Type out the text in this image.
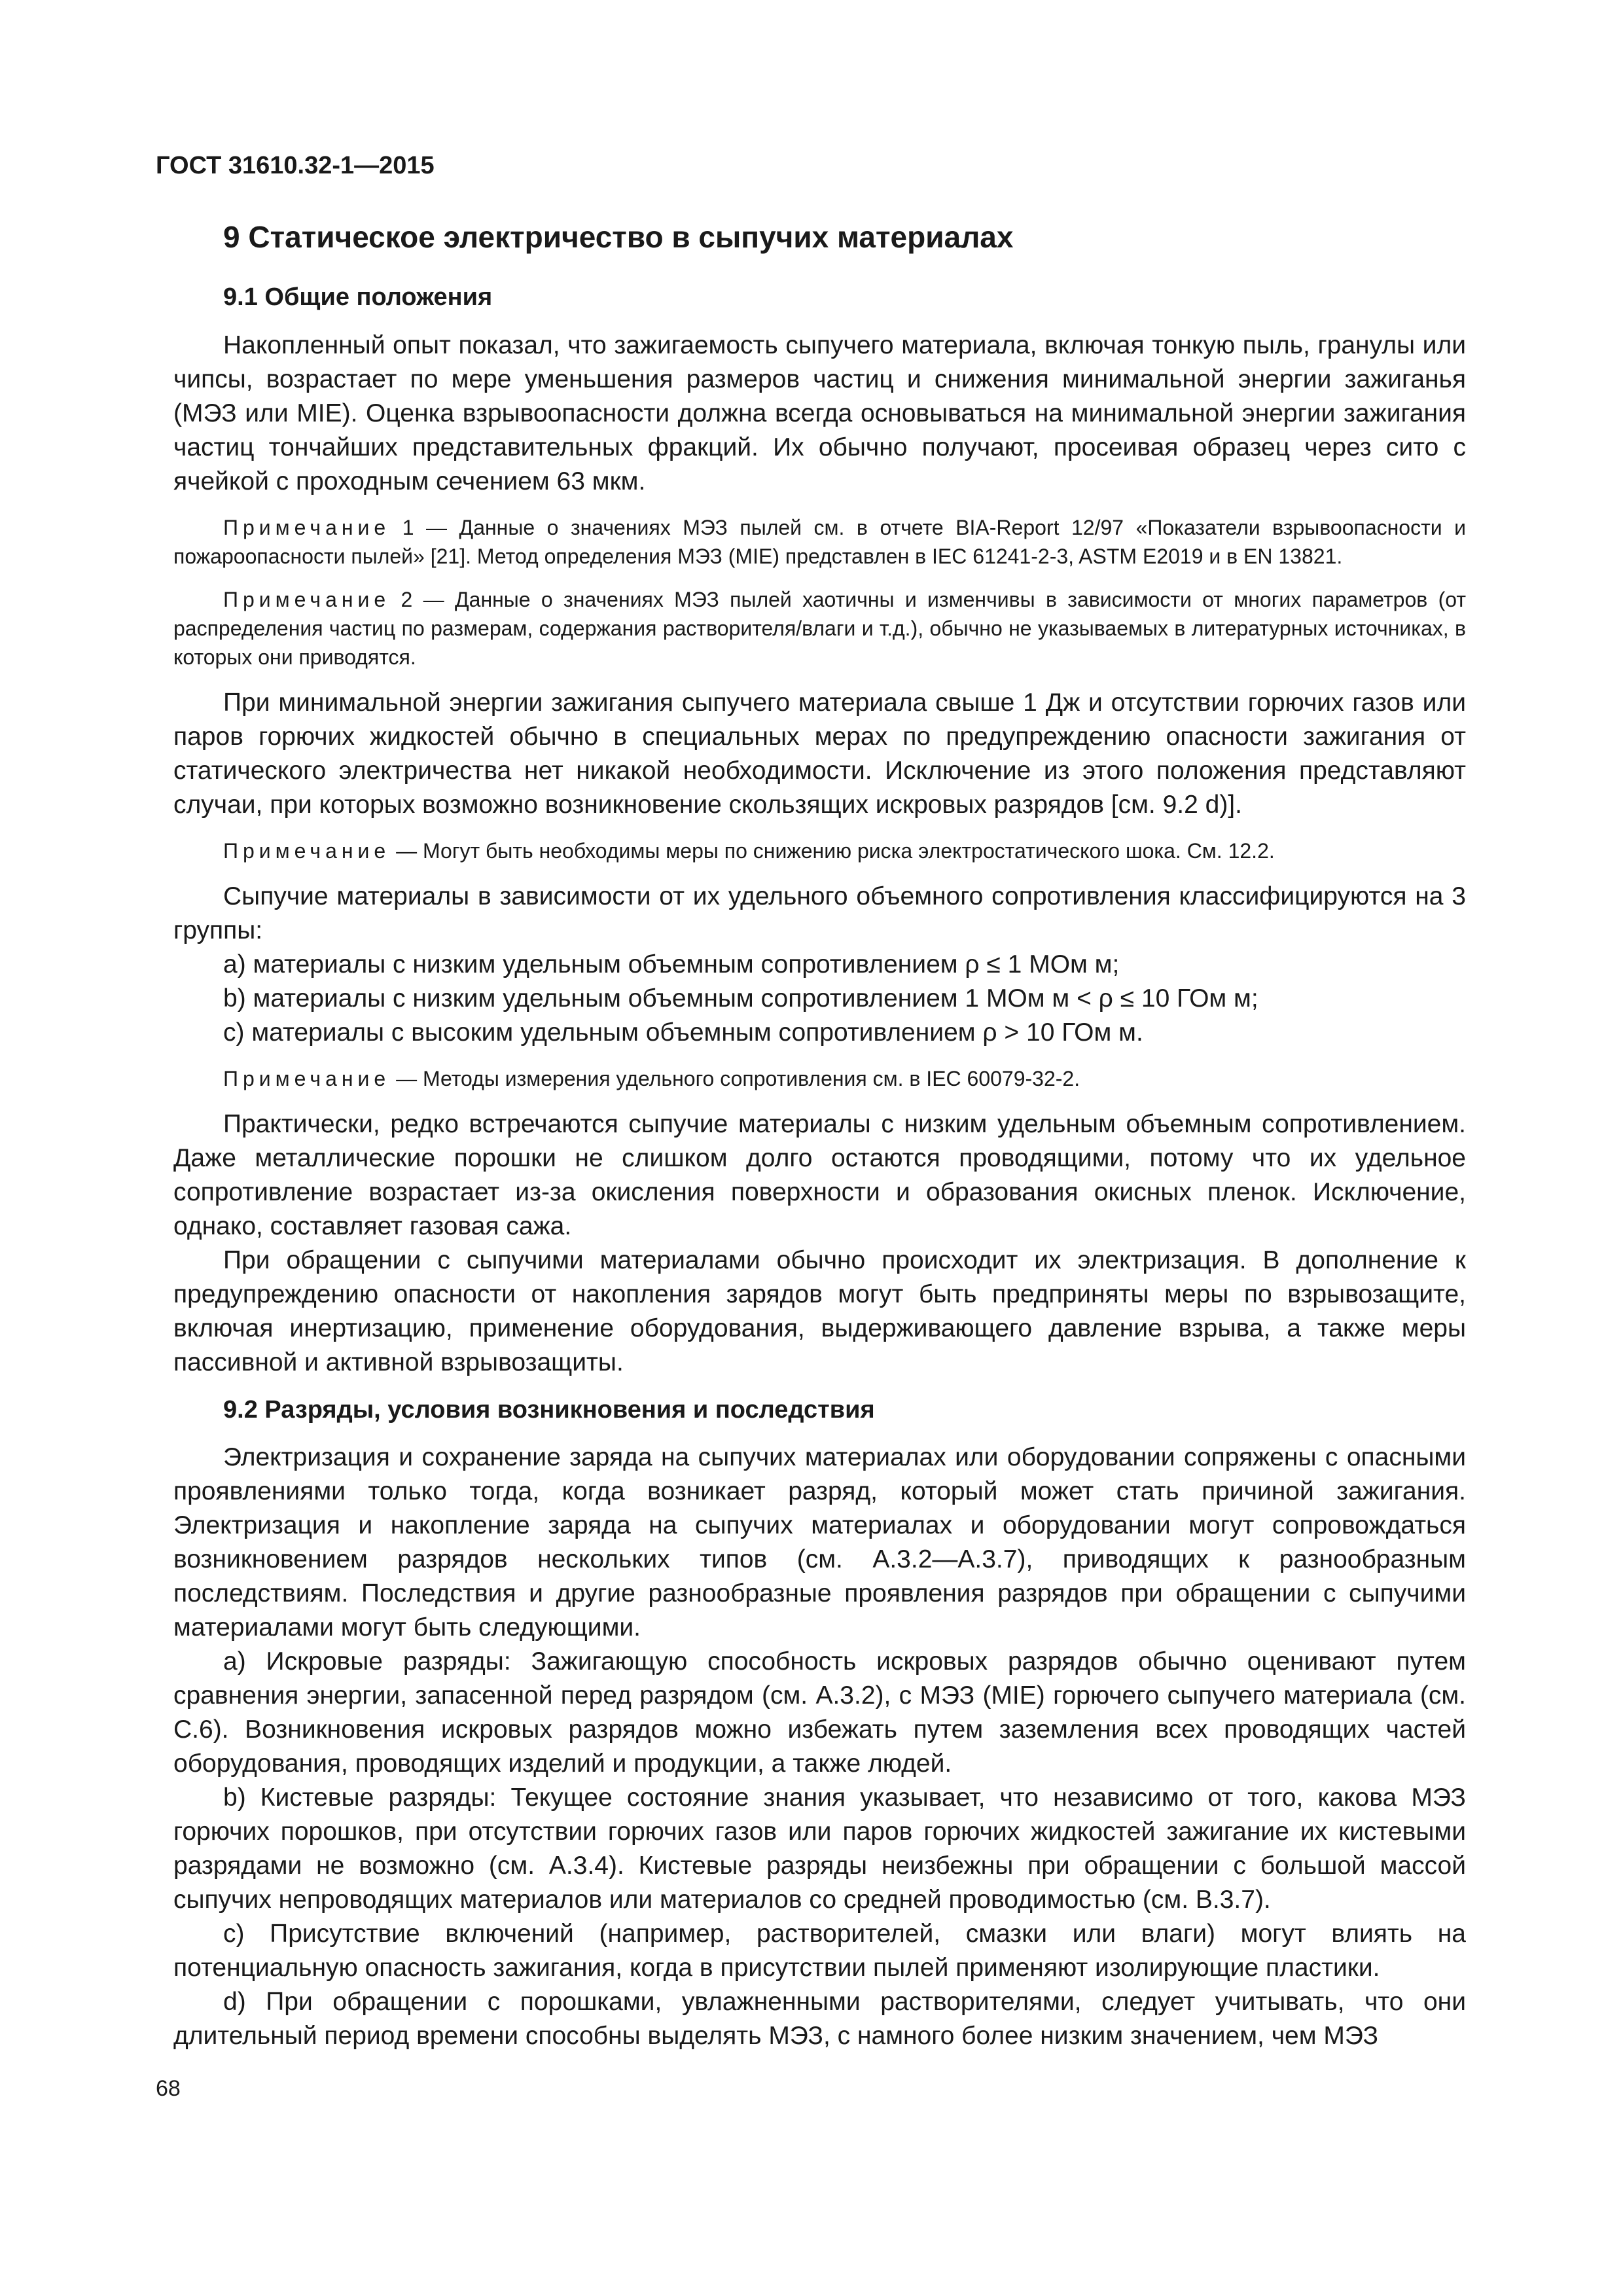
ГОСТ 31610.32-1—2015
9 Статическое электричество в сыпучих материалах
9.1 Общие положения

Накопленный опыт показал, что зажигаемость сыпучего материала, включая тонкую пыль, гранулы или чипсы, возрастает по мере уменьшения размеров частиц и снижения минимальной энергии зажиганья (МЭЗ или MIE). Оценка взрывоопасности должна всегда основываться на минимальной энергии зажигания частиц тончайших представительных фракций. Их обычно получают, просеивая образец через сито с ячейкой с проходным сечением 63 мкм.

Примечание 1 — Данные о значениях МЭЗ пылей см. в отчете BIA-Report 12/97 «Показатели взрывоопасности и пожароопасности пылей» [21]. Метод определения МЭЗ (MIE) представлен в IEC 61241-2-3, ASTM E2019 и в EN 13821.

Примечание 2 — Данные о значениях МЭЗ пылей хаотичны и изменчивы в зависимости от многих параметров (от распределения частиц по размерам, содержания растворителя/влаги и т.д.), обычно не указываемых в литературных источниках, в которых они приводятся.

При минимальной энергии зажигания сыпучего материала свыше 1 Дж и отсутствии горючих газов или паров горючих жидкостей обычно в специальных мерах по предупреждению опасности зажигания от статического электричества нет никакой необходимости. Исключение из этого положения представляют случаи, при которых возможно возникновение скользящих искровых разрядов [см. 9.2 d)].

Примечание — Могут быть необходимы меры по снижению риска электростатического шока. См. 12.2.

Сыпучие материалы в зависимости от их удельного объемного сопротивления классифицируются на 3 группы:

а) материалы с низким удельным объемным сопротивлением ρ ≤ 1 МОм м;
b) материалы с низким удельным объемным сопротивлением 1 МОм м < ρ ≤ 10 ГОм м;
с) материалы с высоким удельным объемным сопротивлением ρ > 10 ГОм м.

Примечание — Методы измерения удельного сопротивления см. в IEC 60079-32-2.

Практически, редко встречаются сыпучие материалы с низким удельным объемным сопротивлением. Даже металлические порошки не слишком долго остаются проводящими, потому что их удельное сопротивление возрастает из-за окисления поверхности и образования окисных пленок. Исключение, однако, составляет газовая сажа.

При обращении с сыпучими материалами обычно происходит их электризация. В дополнение к предупреждению опасности от накопления зарядов могут быть предприняты меры по взрывозащите, включая инертизацию, применение оборудования, выдерживающего давление взрыва, а также меры пассивной и активной взрывозащиты.

9.2 Разряды, условия возникновения и последствия

Электризация и сохранение заряда на сыпучих материалах или оборудовании сопряжены с опасными проявлениями только тогда, когда возникает разряд, который может стать причиной зажигания. Электризация и накопление заряда на сыпучих материалах и оборудовании могут сопровождаться возникновением разрядов нескольких типов (см. А.3.2—А.3.7), приводящих к разнообразным последствиям. Последствия и другие разнообразные проявления разрядов при обращении с сыпучими материалами могут быть следующими.

а) Искровые разряды: Зажигающую способность искровых разрядов обычно оценивают путем сравнения энергии, запасенной перед разрядом (см. А.3.2), с МЭЗ (MIE) горючего сыпучего материала (см. С.6). Возникновения искровых разрядов можно избежать путем заземления всех проводящих частей оборудования, проводящих изделий и продукции, а также людей.

b) Кистевые разряды: Текущее состояние знания указывает, что независимо от того, какова МЭЗ горючих порошков, при отсутствии горючих газов или паров горючих жидкостей зажигание их кистевыми разрядами не возможно (см. А.3.4). Кистевые разряды неизбежны при обращении с большой массой сыпучих непроводящих материалов или материалов со средней проводимостью (см. В.3.7).

с) Присутствие включений (например, растворителей, смазки или влаги) могут влиять на потенциальную опасность зажигания, когда в присутствии пылей применяют изолирующие пластики.

d) При обращении с порошками, увлажненными растворителями, следует учитывать, что они длительный период времени способны выделять МЭЗ, с намного более низким значением, чем МЭЗ

68
